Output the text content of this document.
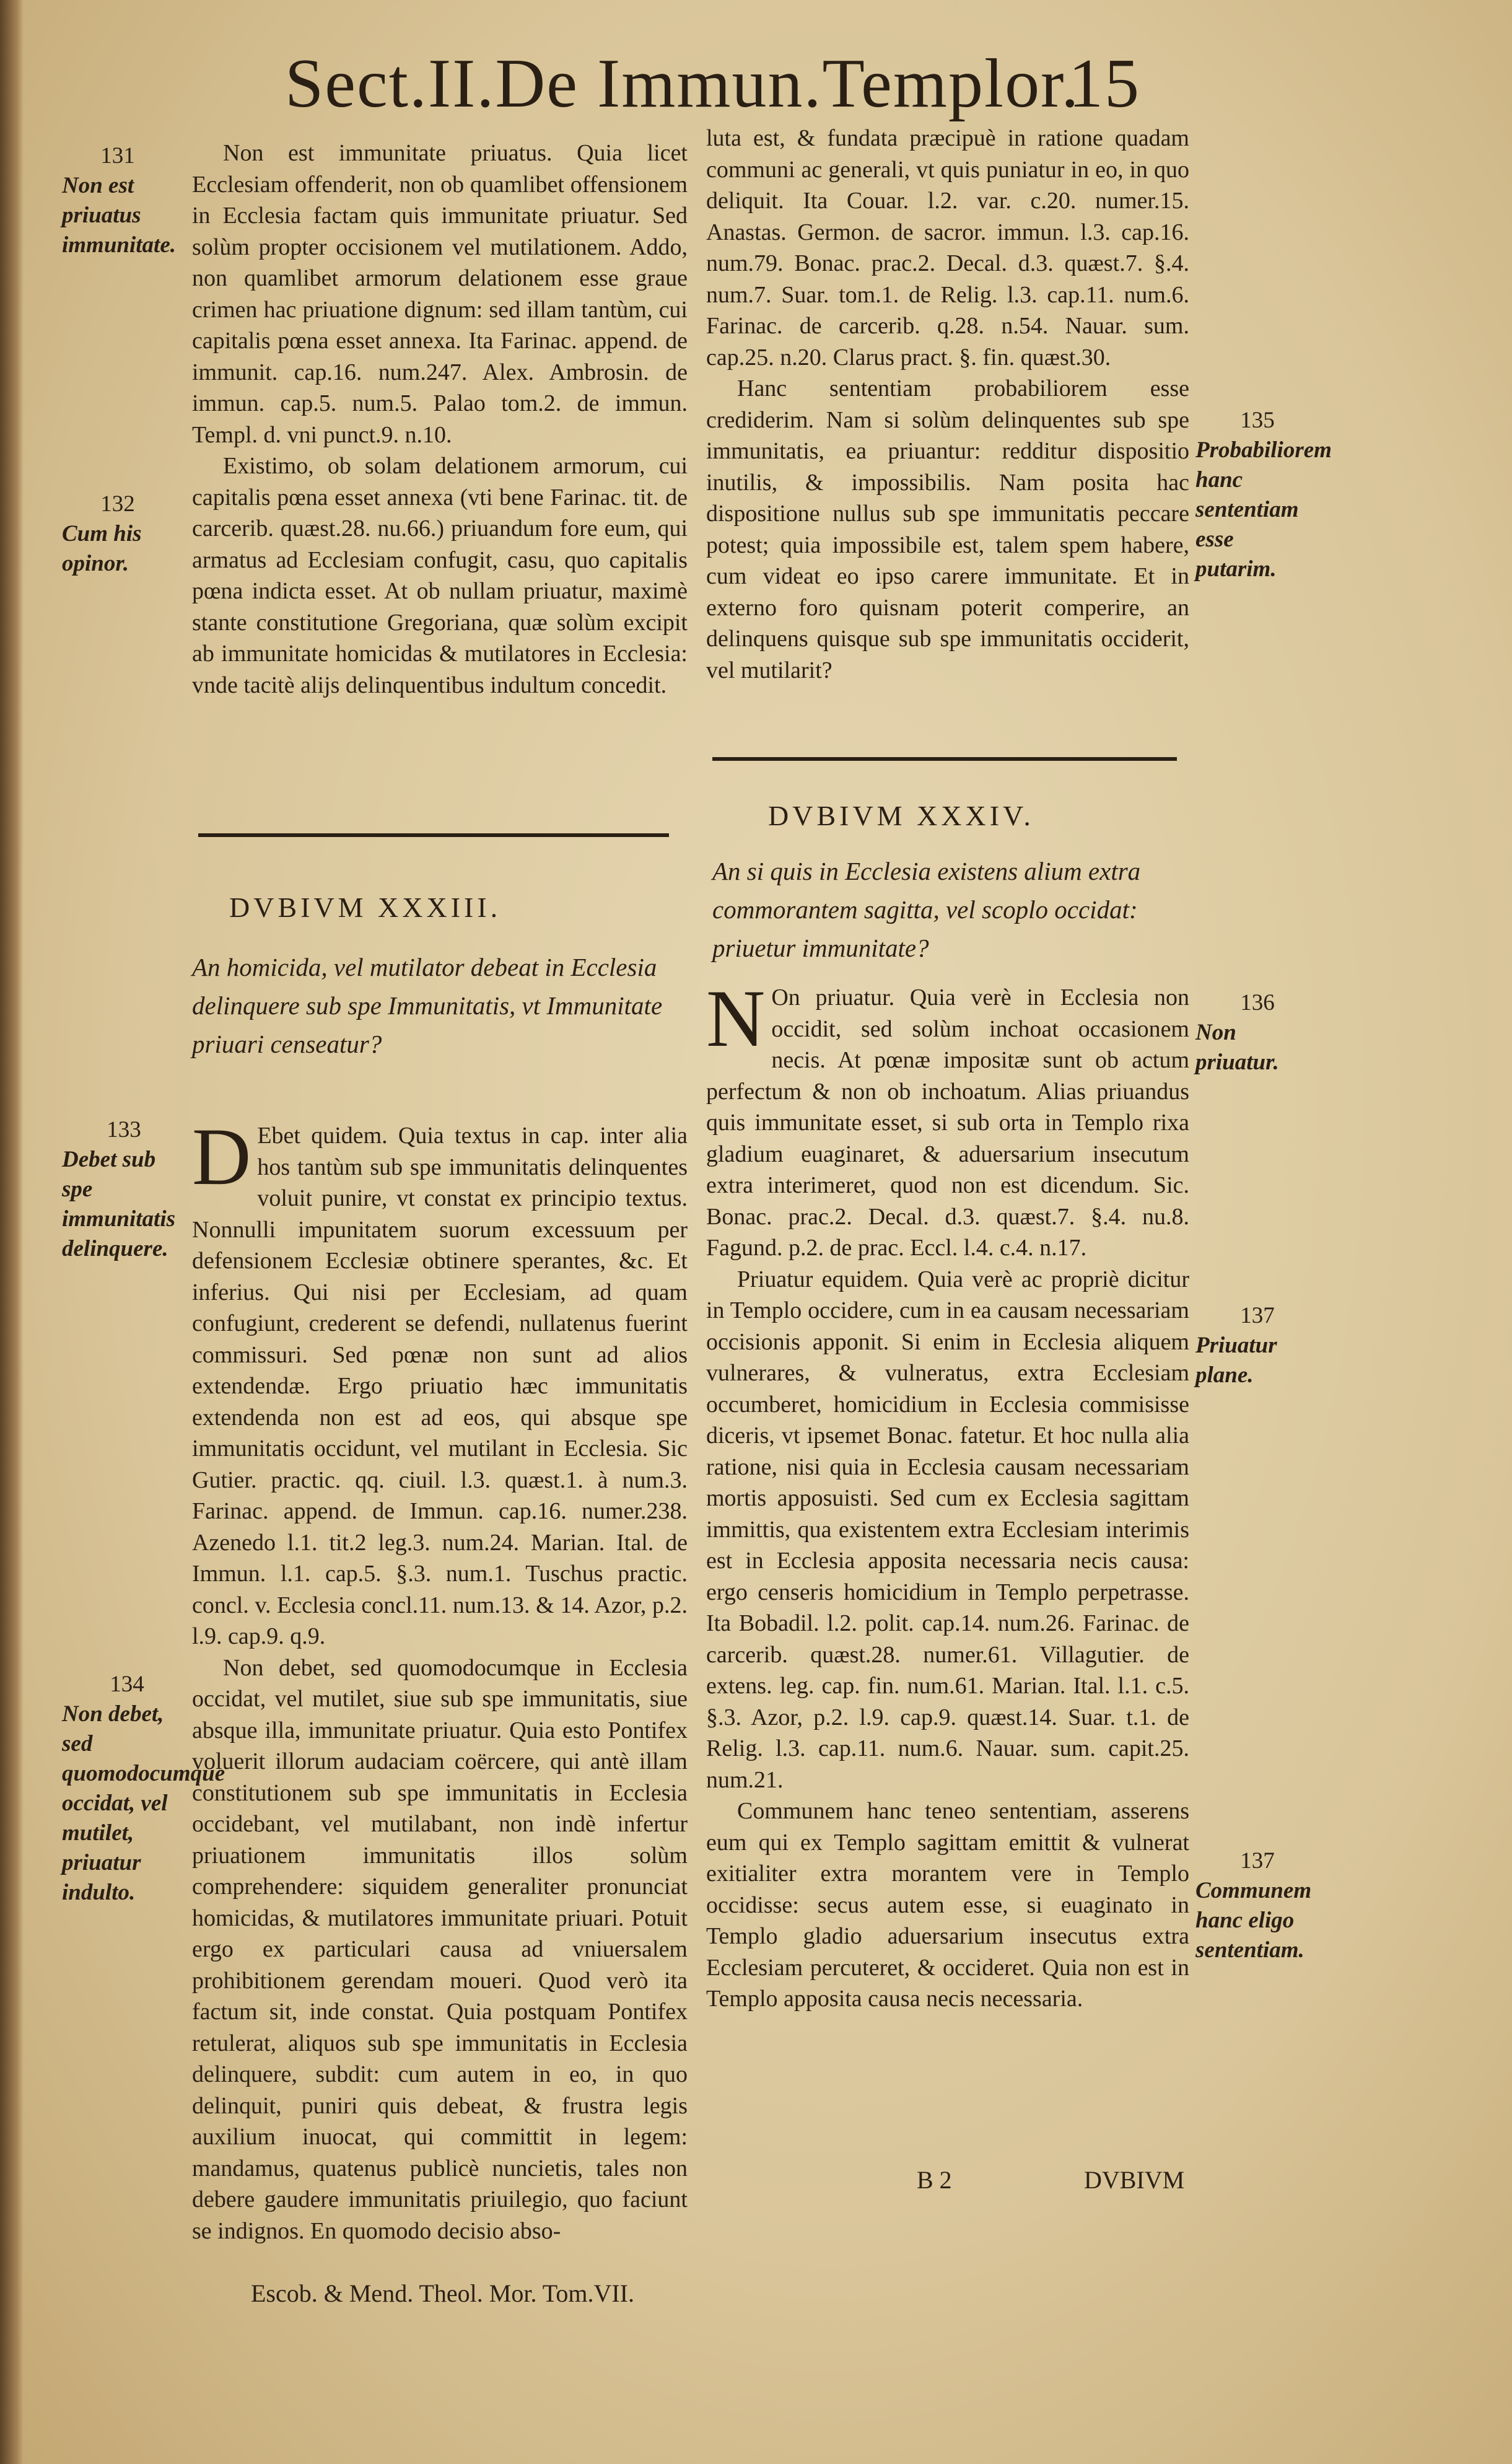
Sect.II.De Immun.Templor.
15
131
Non est priuatus immunitate.
132
Cum his opinor.
133
Debet sub spe immunitatis delinquere.
134
Non debet, sed quomodocumque occidat, vel mutilet, priuatur indulto.
135
Probabiliorem hanc sententiam esse putarim.
136
Non priuatur.
137
Priuatur plane.
137
Communem hanc eligo sententiam.

Non est immunitate priuatus. Quia licet Ecclesiam offenderit, non ob quamlibet offensionem in Ecclesia factam quis immunitate priuatur. Sed solùm propter occisionem vel mutilationem. Addo, non quamlibet armorum delationem esse graue crimen hac priuatione dignum: sed illam tantùm, cui capitalis pœna esset annexa. Ita Farinac. append. de immunit. cap.16. num.247. Alex. Ambrosin. de immun. cap.5. num.5. Palao tom.2. de immun. Templ. d. vni punct.9. n.10.

Existimo, ob solam delationem armorum, cui capitalis pœna esset annexa (vti bene Farinac. tit. de carcerib. quæst.28. nu.66.) priuandum fore eum, qui armatus ad Ecclesiam confugit, casu, quo capitalis pœna indicta esset. At ob nullam priuatur, maximè stante constitutione Gregoriana, quæ solùm excipit ab immunitate homicidas & mutilatores in Ecclesia: vnde tacitè alijs delinquentibus indultum concedit.

DVBIVM XXXIII.
An homicida, vel mutilator debeat in Ecclesia delinquere sub spe Immunitatis, vt Immunitate priuari censeatur?

D Ebet quidem. Quia textus in cap. inter alia hos tantùm sub spe immunitatis delinquentes voluit punire, vt constat ex principio textus. Nonnulli impunitatem suorum excessuum per defensionem Ecclesiæ obtinere sperantes, &c. Et inferius. Qui nisi per Ecclesiam, ad quam confugiunt, crederent se defendi, nullatenus fuerint commissuri. Sed pœnæ non sunt ad alios extendendæ. Ergo priuatio hæc immunitatis extendenda non est ad eos, qui absque spe immunitatis occidunt, vel mutilant in Ecclesia. Sic Gutier. practic. qq. ciuil. l.3. quæst.1. à num.3. Farinac. append. de Immun. cap.16. numer.238. Azenedo l.1. tit.2 leg.3. num.24. Marian. Ital. de Immun. l.1. cap.5. §.3. num.1. Tuschus practic. concl. v. Ecclesia concl.11. num.13. & 14. Azor, p.2. l.9. cap.9. q.9.

Non debet, sed quomodocumque in Ecclesia occidat, vel mutilet, siue sub spe immunitatis, siue absque illa, immunitate priuatur. Quia esto Pontifex voluerit illorum audaciam coërcere, qui antè illam constitutionem sub spe immunitatis in Ecclesia occidebant, vel mutilabant, non indè infertur priuationem immunitatis illos solùm comprehendere: siquidem generaliter pronunciat homicidas, & mutilatores immunitate priuari. Potuit ergo ex particulari causa ad vniuersalem prohibitionem gerendam moueri. Quod verò ita factum sit, inde constat. Quia postquam Pontifex retulerat, aliquos sub spe immunitatis in Ecclesia delinquere, subdit: cum autem in eo, in quo delinquit, puniri quis debeat, & frustra legis auxilium inuocat, qui committit in legem: mandamus, quatenus publicè nuncietis, tales non debere gaudere immunitatis priuilegio, quo faciunt se indignos. En quomodo decisio abso-

Escob. & Mend. Theol. Mor. Tom.VII.

luta est, & fundata præcipuè in ratione quadam communi ac generali, vt quis puniatur in eo, in quo deliquit. Ita Couar. l.2. var. c.20. numer.15. Anastas. Germon. de sacror. immun. l.3. cap.16. num.79. Bonac. prac.2. Decal. d.3. quæst.7. §.4. num.7. Suar. tom.1. de Relig. l.3. cap.11. num.6. Farinac. de carcerib. q.28. n.54. Nauar. sum. cap.25. n.20. Clarus pract. §. fin. quæst.30.

Hanc sententiam probabiliorem esse crediderim. Nam si solùm delinquentes sub spe immunitatis, ea priuantur: redditur dispositio inutilis, & impossibilis. Nam posita hac dispositione nullus sub spe immunitatis peccare potest; quia impossibile est, talem spem habere, cum videat eo ipso carere immunitate. Et in externo foro quisnam poterit comperire, an delinquens quisque sub spe immunitatis occiderit, vel mutilarit?

DVBIVM XXXIV.
An si quis in Ecclesia existens alium extra commorantem sagitta, vel scoplo occidat: priuetur immunitate?

N On priuatur. Quia verè in Ecclesia non occidit, sed solùm inchoat occasionem necis. At pœnæ impositæ sunt ob actum perfectum & non ob inchoatum. Alias priuandus quis immunitate esset, si sub orta in Templo rixa gladium euaginaret, & aduersarium insecutum extra interimeret, quod non est dicendum. Sic. Bonac. prac.2. Decal. d.3. quæst.7. §.4. nu.8. Fagund. p.2. de prac. Eccl. l.4. c.4. n.17.

Priuatur equidem. Quia verè ac propriè dicitur in Templo occidere, cum in ea causam necessariam occisionis apponit. Si enim in Ecclesia aliquem vulnerares, & vulneratus, extra Ecclesiam occumberet, homicidium in Ecclesia commisisse diceris, vt ipsemet Bonac. fatetur. Et hoc nulla alia ratione, nisi quia in Ecclesia causam necessariam mortis apposuisti. Sed cum ex Ecclesia sagittam immittis, qua existentem extra Ecclesiam interimis est in Ecclesia apposita necessaria necis causa: ergo censeris homicidium in Templo perpetrasse. Ita Bobadil. l.2. polit. cap.14. num.26. Farinac. de carcerib. quæst.28. numer.61. Villagutier. de extens. leg. cap. fin. num.61. Marian. Ital. l.1. c.5. §.3. Azor, p.2. l.9. cap.9. quæst.14. Suar. t.1. de Relig. l.3. cap.11. num.6. Nauar. sum. capit.25. num.21.

Communem hanc teneo sententiam, asserens eum qui ex Templo sagittam emittit & vulnerat exitialiter extra morantem vere in Templo occidisse: secus autem esse, si euaginato in Templo gladio aduersarium insecutus extra Ecclesiam percuteret, & occideret. Quia non est in Templo apposita causa necis necessaria.

B 2	DVBIVM
